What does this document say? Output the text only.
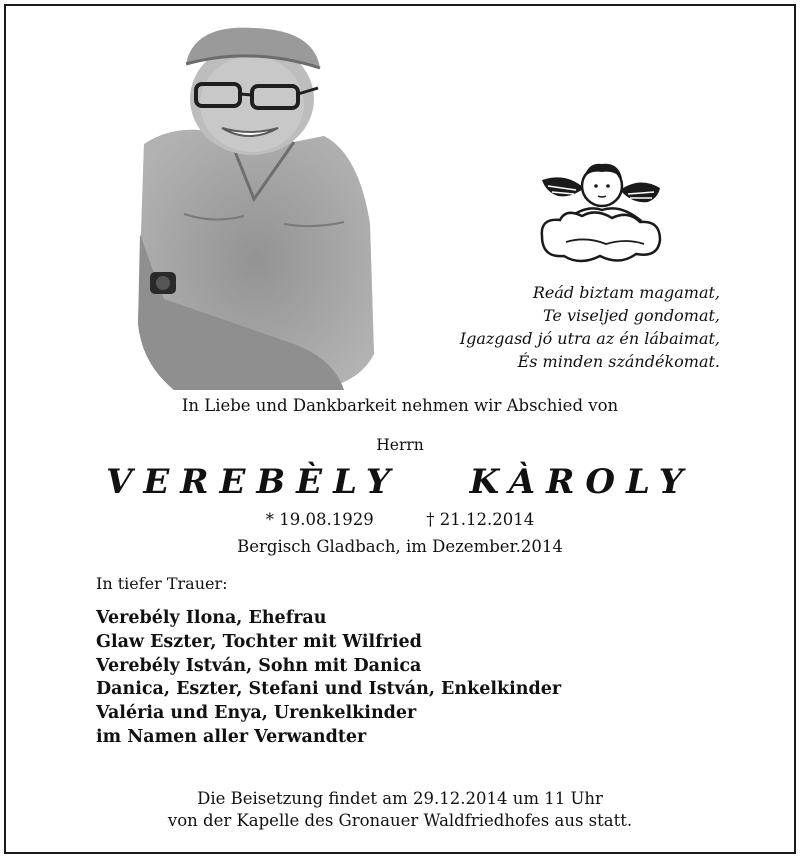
Reád biztam magamat,
Te viseljed gondomat,
Igazgasd jó utra az én lábaimat,
És minden szándékomat.
In Liebe und Dankbarkeit nehmen wir Abschied von
Herrn
VEREBÈLY   KÀROLY
* 19.08.1929	† 21.12.2014
Bergisch Gladbach, im Dezember.2014
In tiefer Trauer:
Verebély Ilona, Ehefrau
Glaw Eszter, Tochter mit Wilfried
Verebély István, Sohn mit Danica
Danica, Eszter, Stefani und István, Enkelkinder
Valéria und Enya, Urenkelkinder
im Namen aller Verwandter
Die Beisetzung findet am 29.12.2014 um 11 Uhr
von der Kapelle des Gronauer Waldfriedhofes aus statt.
